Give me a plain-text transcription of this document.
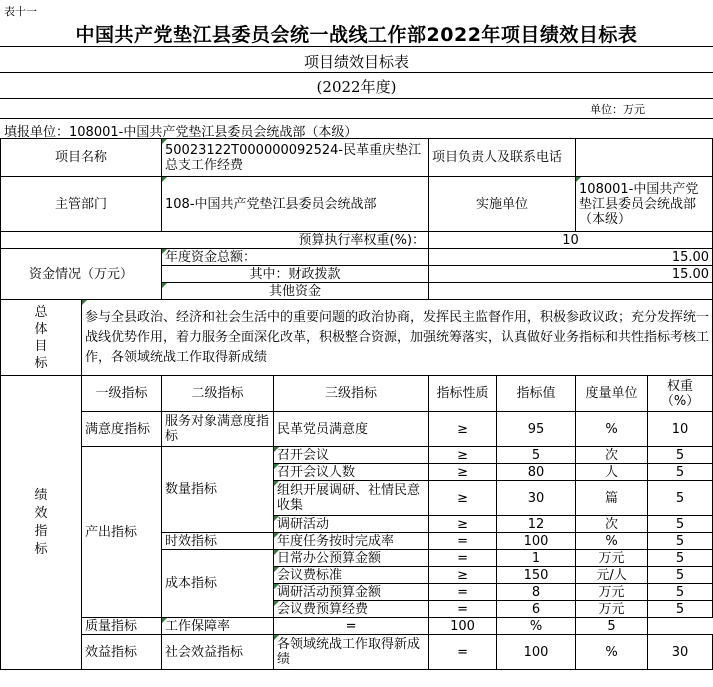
表十一
中国共产党垫江县委员会统一战线工作部2022年项目绩效目标表
项目绩效目标表
(2022年度)
单位：万元
填报单位：108001-中国共产党垫江县委员会统战部（本级）
项目名称		50023122T000000092524-民革重庆垫江总支工作经费		项目负责人及联系电话			
主管部门		108-中国共产党垫江县委员会统战部		实施单位		108001-中国共产党垫江县委员会统战部（本级）	
预算执行率权重(%)：				10			
资金情况（万元）		年度资金总额：		15.00			
		其中：财政拨款		15.00			
		其他资金					
总体目标	参与全县政治、经济和社会生活中的重要问题的政治协商，发挥民主监督作用，积极参政议政；充分发挥统一战线优势作用，着力服务全面深化改革，积极整合资源，加强统筹落实，认真做好业务指标和共性指标考核工作，各领域统战工作取得新成绩						
绩效指标	一级指标	二级指标	三级指标	指标性质	指标值	度量单位	权重（%）
	满意度指标	服务对象满意度指标	民革党员满意度	≥	95	%	10
	产出指标	数量指标	召开会议	≥	5	次	5
			召开会议人数	≥	80	人	5
			组织开展调研、社情民意收集	≥	30	篇	5
			调研活动	≥	12	次	5
		时效指标	年度任务按时完成率	=	100	%	5
		成本指标	日常办公预算金额	=	1	万元	5
			会议费标准	≥	150	元/人	5
			调研活动预算金额	=	8	万元	5
			会议费预算经费	=	6	万元	5
	质量指标	工作保障率	=	100	%	5	
	效益指标	社会效益指标	各领域统战工作取得新成绩	=	100	%	30
